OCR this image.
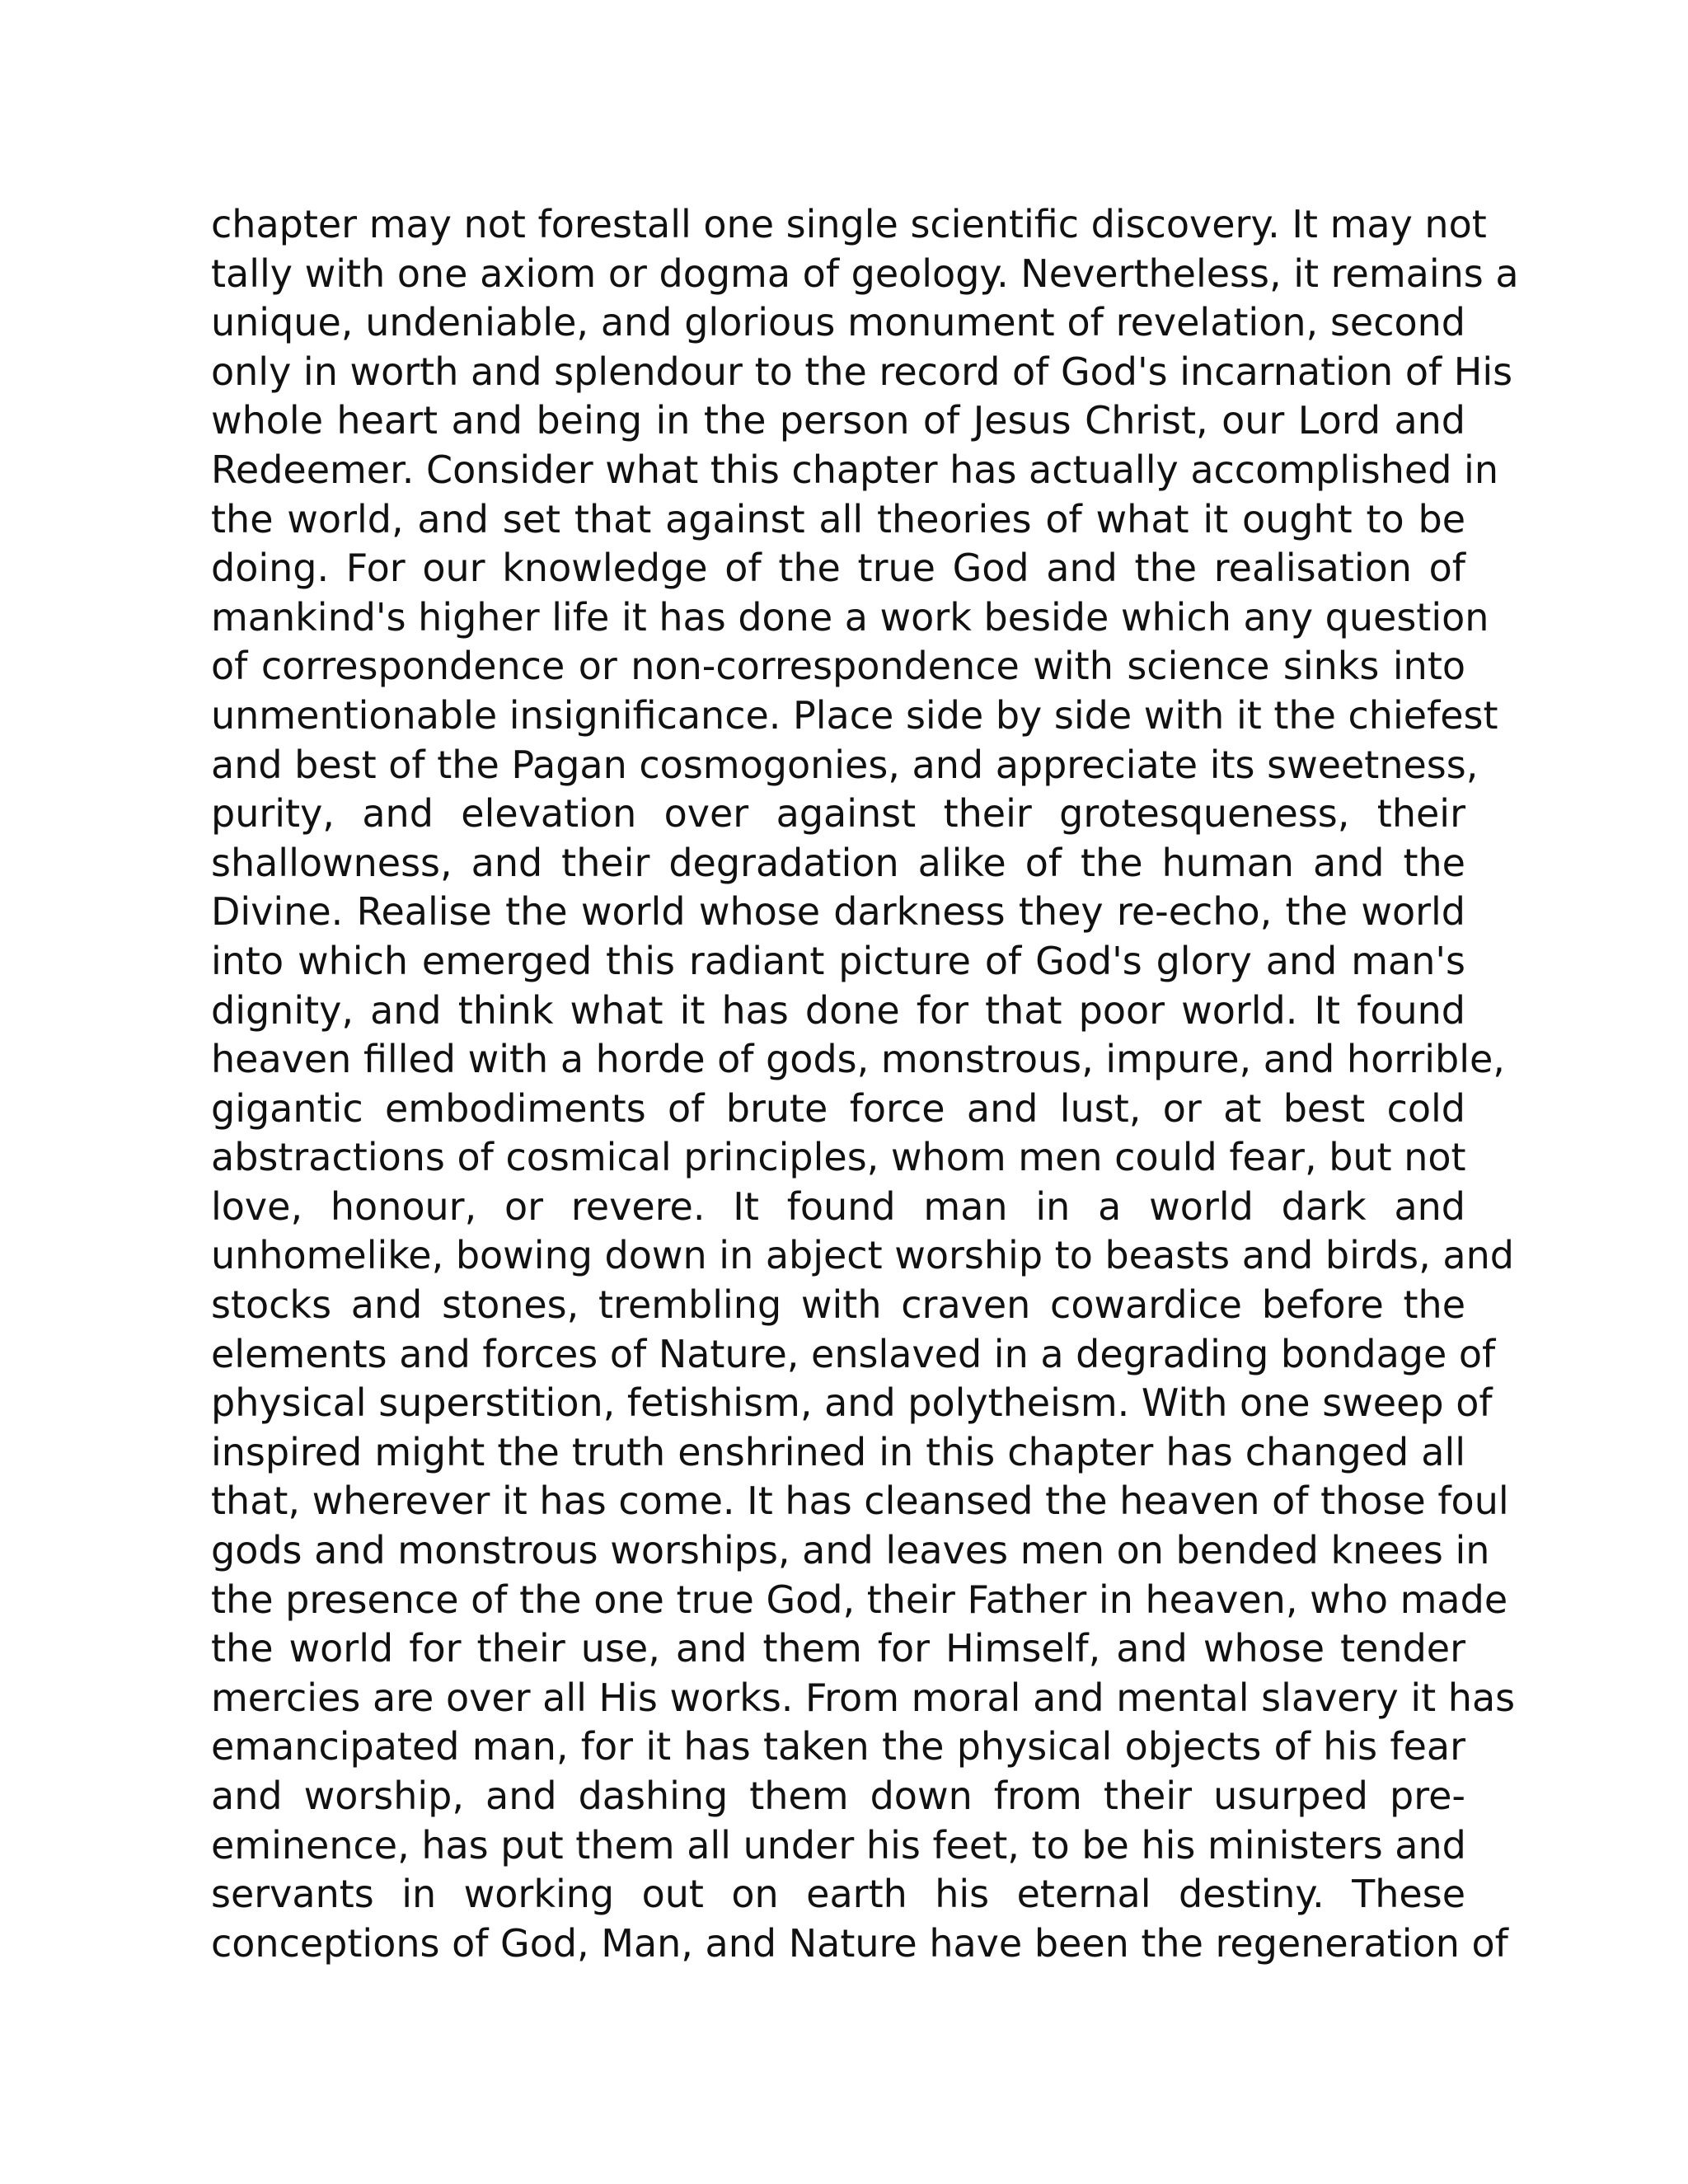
chapter may not forestall one single scientific discovery. It may not
tally with one axiom or dogma of geology. Nevertheless, it remains a
unique, undeniable, and glorious monument of revelation, second
only in worth and splendour to the record of God's incarnation of His
whole heart and being in the person of Jesus Christ, our Lord and
Redeemer. Consider what this chapter has actually accomplished in
the world, and set that against all theories of what it ought to be
doing. For our knowledge of the true God and the realisation of
mankind's higher life it has done a work beside which any question
of correspondence or non-correspondence with science sinks into
unmentionable insignificance. Place side by side with it the chiefest
and best of the Pagan cosmogonies, and appreciate its sweetness,
purity, and elevation over against their grotesqueness, their
shallowness, and their degradation alike of the human and the
Divine. Realise the world whose darkness they re-echo, the world
into which emerged this radiant picture of God's glory and man's
dignity, and think what it has done for that poor world. It found
heaven filled with a horde of gods, monstrous, impure, and horrible,
gigantic embodiments of brute force and lust, or at best cold
abstractions of cosmical principles, whom men could fear, but not
love, honour, or revere. It found man in a world dark and
unhomelike, bowing down in abject worship to beasts and birds, and
stocks and stones, trembling with craven cowardice before the
elements and forces of Nature, enslaved in a degrading bondage of
physical superstition, fetishism, and polytheism. With one sweep of
inspired might the truth enshrined in this chapter has changed all
that, wherever it has come. It has cleansed the heaven of those foul
gods and monstrous worships, and leaves men on bended knees in
the presence of the one true God, their Father in heaven, who made
the world for their use, and them for Himself, and whose tender
mercies are over all His works. From moral and mental slavery it has
emancipated man, for it has taken the physical objects of his fear
and worship, and dashing them down from their usurped pre-
eminence, has put them all under his feet, to be his ministers and
servants in working out on earth his eternal destiny. These
conceptions of God, Man, and Nature have been the regeneration of
